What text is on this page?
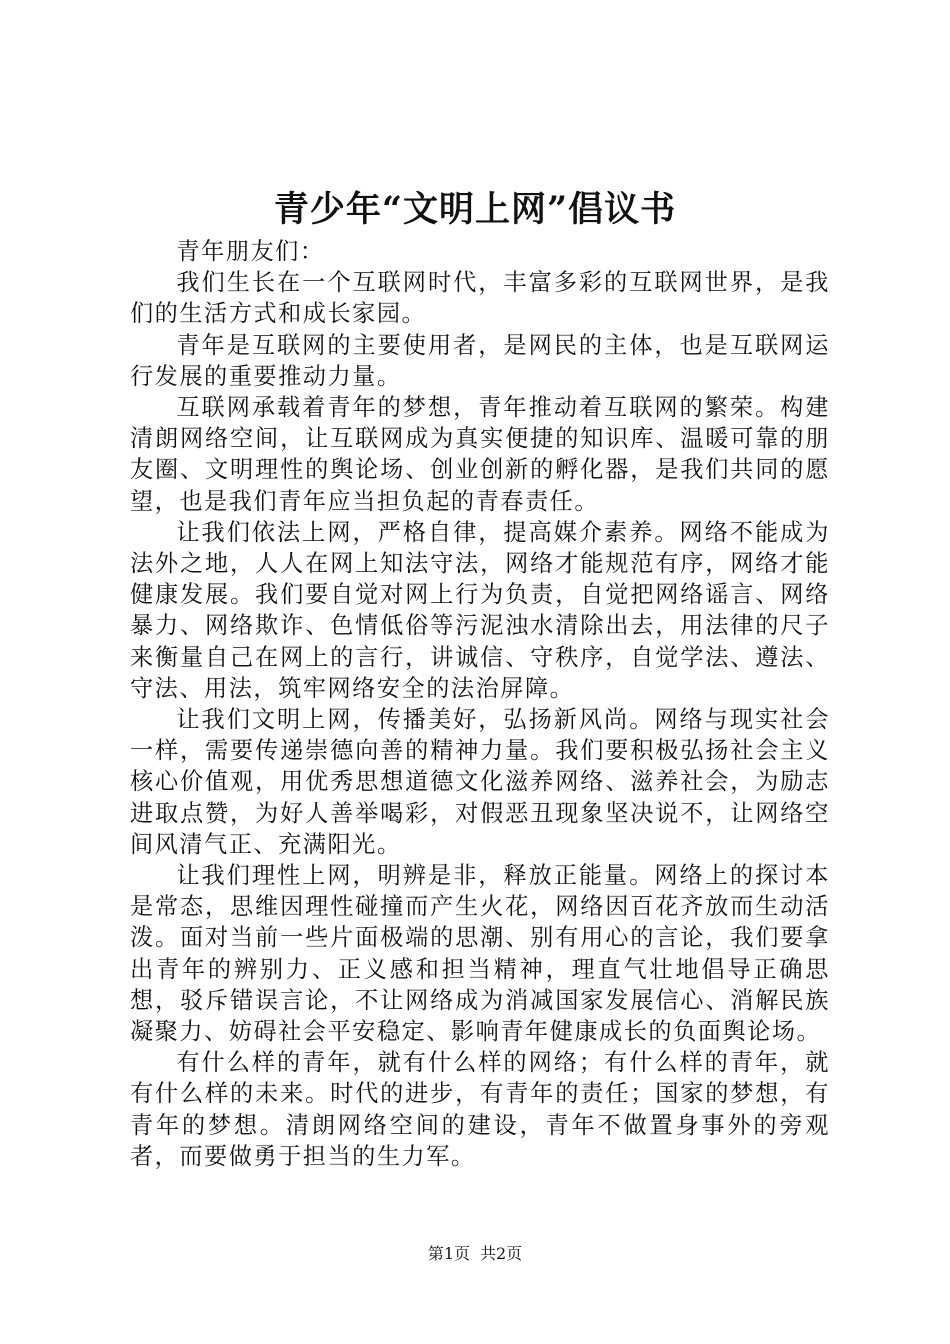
青少年“文明上网”倡议书

青年朋友们：

我们生长在一个互联网时代，丰富多彩的互联网世界，是我们的生活方式和成长家园。

青年是互联网的主要使用者，是网民的主体，也是互联网运行发展的重要推动力量。

互联网承载着青年的梦想，青年推动着互联网的繁荣。构建清朗网络空间，让互联网成为真实便捷的知识库、温暖可靠的朋友圈、文明理性的舆论场、创业创新的孵化器，是我们共同的愿望，也是我们青年应当担负起的青春责任。

让我们依法上网，严格自律，提高媒介素养。网络不能成为法外之地，人人在网上知法守法，网络才能规范有序，网络才能健康发展。我们要自觉对网上行为负责，自觉把网络谣言、网络暴力、网络欺诈、色情低俗等污泥浊水清除出去，用法律的尺子来衡量自己在网上的言行，讲诚信、守秩序，自觉学法、遵法、守法、用法，筑牢网络安全的法治屏障。

让我们文明上网，传播美好，弘扬新风尚。网络与现实社会一样，需要传递崇德向善的精神力量。我们要积极弘扬社会主义核心价值观，用优秀思想道德文化滋养网络、滋养社会，为励志进取点赞，为好人善举喝彩，对假恶丑现象坚决说不，让网络空间风清气正、充满阳光。

让我们理性上网，明辨是非，释放正能量。网络上的探讨本是常态，思维因理性碰撞而产生火花，网络因百花齐放而生动活泼。面对当前一些片面极端的思潮、别有用心的言论，我们要拿出青年的辨别力、正义感和担当精神，理直气壮地倡导正确思想，驳斥错误言论，不让网络成为消减国家发展信心、消解民族凝聚力、妨碍社会平安稳定、影响青年健康成长的负面舆论场。

有什么样的青年，就有什么样的网络；有什么样的青年，就有什么样的未来。时代的进步，有青年的责任；国家的梦想，有青年的梦想。清朗网络空间的建设，青年不做置身事外的旁观者，而要做勇于担当的生力军。

第1页 共2页
